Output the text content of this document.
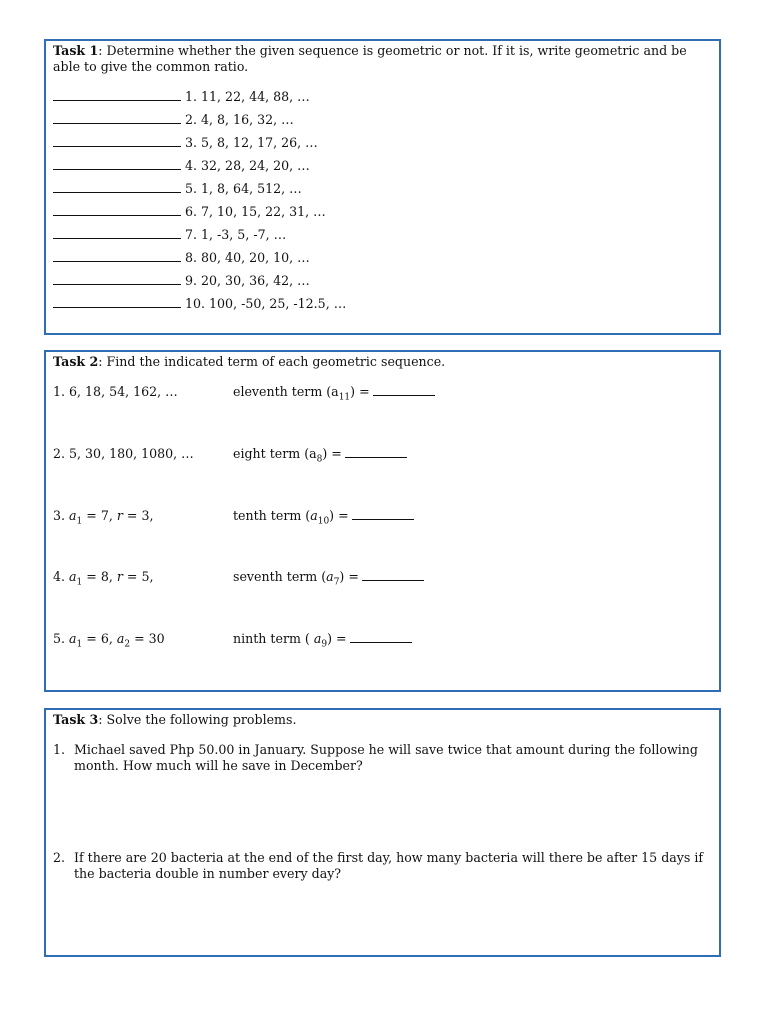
Task 1: Determine whether the given sequence is geometric or not. If it is, write geometric and be able to give the common ratio.
1. 11, 22, 44, 88, …
2. 4, 8, 16, 32, …
3. 5, 8, 12, 17, 26, …
4. 32, 28, 24, 20, …
5. 1, 8, 64, 512, …
6. 7, 10, 15, 22, 31, …
7. 1, -3, 5, -7, …
8. 80, 40, 20, 10, …
9. 20, 30, 36, 42, …
10. 100, -50, 25, -12.5, …
Task 2: Find the indicated term of each geometric sequence.
1. 6, 18, 54, 162, …	eleventh term $(a_{11})$ =
2. 5, 30, 180, 1080, …	eight term $(a_8)$ =
3. $a_1 = 7$, r = 3,	tenth term $(a_{10})$ =
4. $a_1 = 8$, r = 5,	seventh term $(a_7)$ =
5. $a_1 = 6$, $a_2 = 30$	ninth term ( $a_9$) =
Task 3: Solve the following problems.
1. Michael saved Php 50.00 in January. Suppose he will save twice that amount during the following month. How much will he save in December?
2. If there are 20 bacteria at the end of the first day, how many bacteria will there be after 15 days if the bacteria double in number every day?
